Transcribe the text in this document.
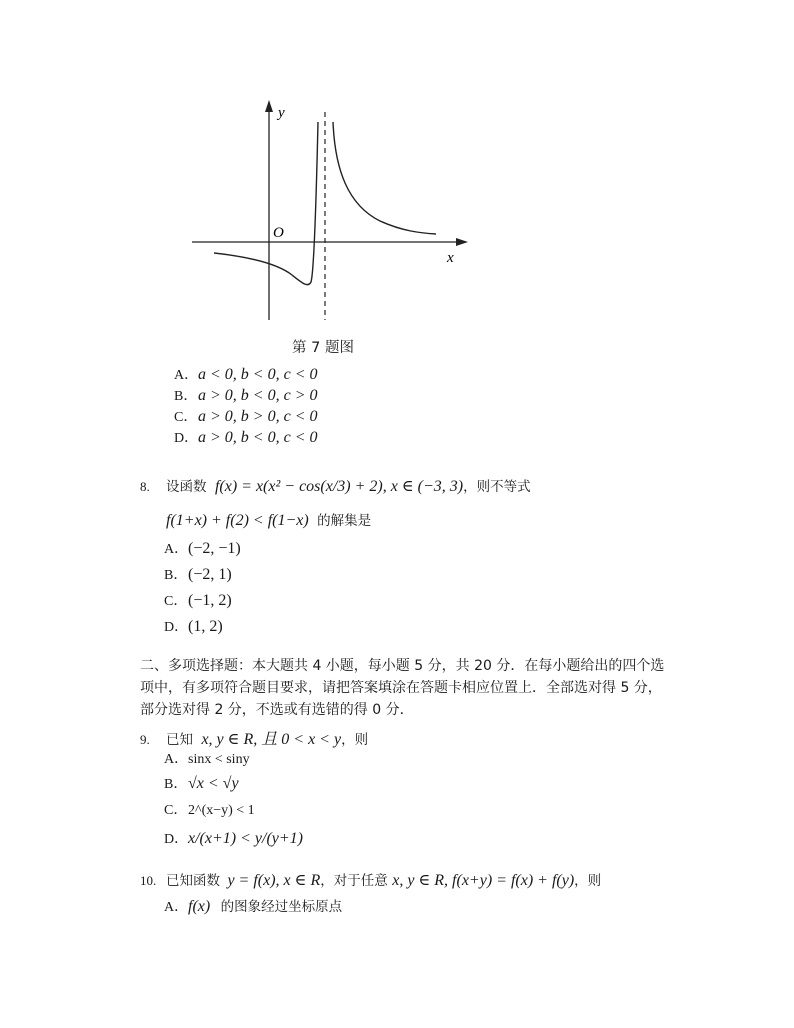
y
x
O
第 7 题图
A．a < 0, b < 0, c < 0
B．a > 0, b < 0, c > 0
C．a > 0, b > 0, c < 0
D．a > 0, b < 0, c < 0
8. 设函数 f(x) = x(x² − cos(x/3) + 2), x ∈ (−3, 3)，则不等式
f(1+x) + f(2) < f(1−x) 的解集是
A．(−2, −1)
B．(−2, 1)
C．(−1, 2)
D．(1, 2)
二、多项选择题：本大题共 4 小题，每小题 5 分，共 20 分．在每小题给出的四个选
项中，有多项符合题目要求，请把答案填涂在答题卡相应位置上．全部选对得 5 分，
部分选对得 2 分，不选或有选错的得 0 分．
9. 已知 x, y ∈ R, 且 0 < x < y，则
A．sinx < siny
B．√x < √y
C．2^(x−y) < 1
D．x/(x+1) < y/(y+1)
10. 已知函数 y = f(x), x ∈ R，对于任意 x, y ∈ R, f(x+y) = f(x) + f(y)，则
A．f(x) 的图象经过坐标原点
